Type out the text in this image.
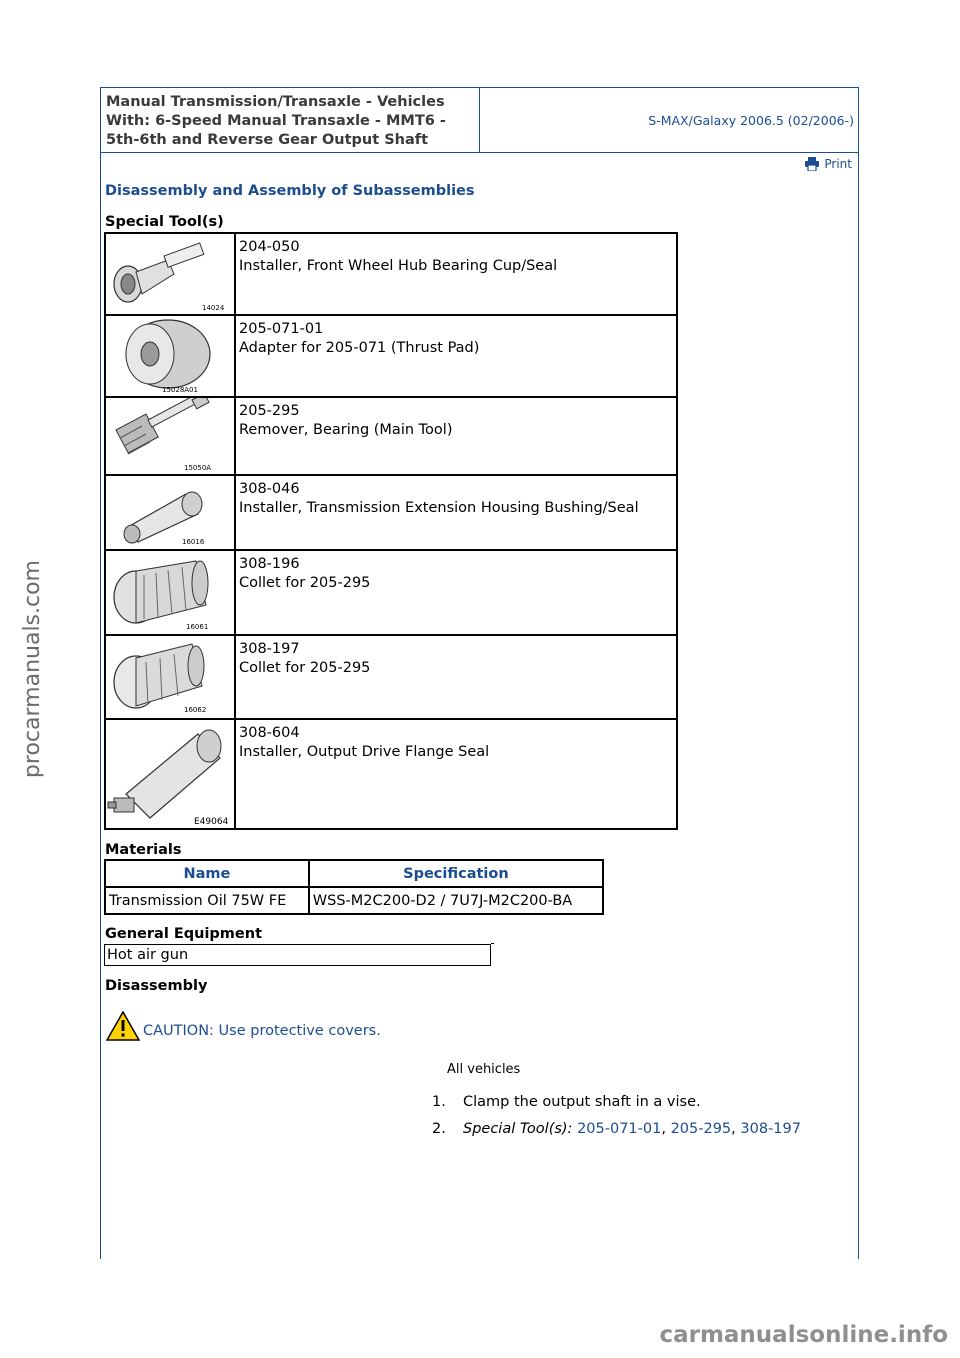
Manual Transmission/Transaxle - Vehicles
With: 6-Speed Manual Transaxle - MMT6 -
5th-6th and Reverse Gear Output Shaft
S-MAX/Galaxy 2006.5 (02/2006-)
Print
Disassembly and Assembly of Subassemblies
Special Tool(s)
14024	204-050
Installer, Front Wheel Hub Bearing Cup/Seal

15028A01	205-071-01
Adapter for 205-071 (Thrust Pad)

15050A	205-295
Remover, Bearing (Main Tool)

16016	308-046
Installer, Transmission Extension Housing Bushing/Seal

16061	308-196
Collet for 205-295

16062	308-197
Collet for 205-295

E49064	308-604
Installer, Output Drive Flange Seal
Materials
Name	Specification
Transmission Oil 75W FE	WSS-M2C200-D2 / 7U7J-M2C200-BA
General Equipment
Hot air gun
Disassembly
CAUTION: Use protective covers.
All vehicles
1.	Clamp the output shaft in a vise.
2.	Special Tool(s):
205-071-01 , 205-295 , 308-197
procarmanuals.com
carmanualsonline.info
